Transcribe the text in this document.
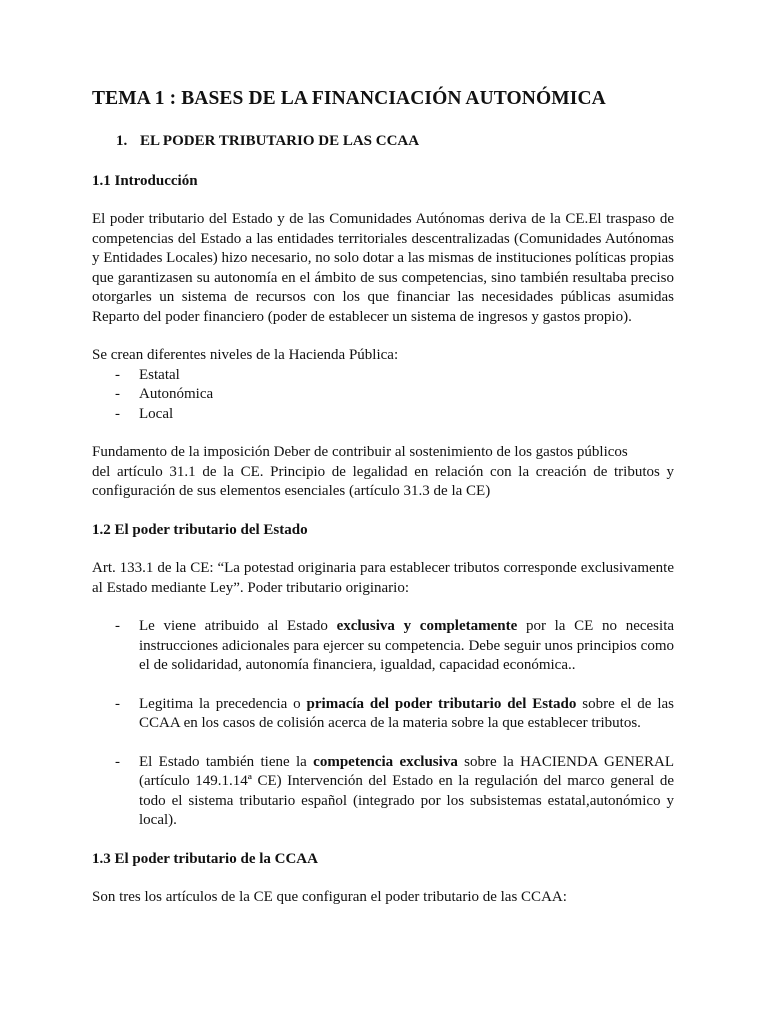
TEMA 1 : BASES DE LA FINANCIACIÓN AUTONÓMICA
1. EL PODER TRIBUTARIO DE LAS CCAA
1.1 Introducción

El poder tributario del Estado y de las Comunidades Autónomas deriva de la CE.El traspaso de competencias del Estado a las entidades territoriales descentralizadas (Comunidades Autónomas y Entidades Locales) hizo necesario, no solo dotar a las mismas de instituciones políticas propias que garantizasen su autonomía en el ámbito de sus competencias, sino también resultaba preciso otorgarles un sistema de recursos con los que financiar las necesidades públicas asumidas Reparto del poder financiero (poder de establecer un sistema de ingresos y gastos propio).

Se crean diferentes niveles de la Hacienda Pública:

- Estatal
- Autonómica
- Local

Fundamento de la imposición Deber de contribuir al sostenimiento de los gastos públicos

del artículo 31.1 de la CE. Principio de legalidad en relación con la creación de tributos y configuración de sus elementos esenciales (artículo 31.3 de la CE)

1.2 El poder tributario del Estado

Art. 133.1 de la CE: “La potestad originaria para establecer tributos corresponde exclusivamente al Estado mediante Ley”. Poder tributario originario:

- Le viene atribuido al Estado exclusiva y completamente por la CE no necesita instrucciones adicionales para ejercer su competencia. Debe seguir unos principios como el de solidaridad, autonomía financiera, igualdad, capacidad económica..

- Legitima la precedencia o primacía del poder tributario del Estado sobre el de las CCAA en los casos de colisión acerca de la materia sobre la que establecer tributos.

- El Estado también tiene la competencia exclusiva sobre la HACIENDA GENERAL (artículo 149.1.14ª CE) Intervención del Estado en la regulación del marco general de todo el sistema tributario español (integrado por los subsistemas estatal,autonómico y local).

1.3 El poder tributario de la CCAA

Son tres los artículos de la CE que configuran el poder tributario de las CCAA:
